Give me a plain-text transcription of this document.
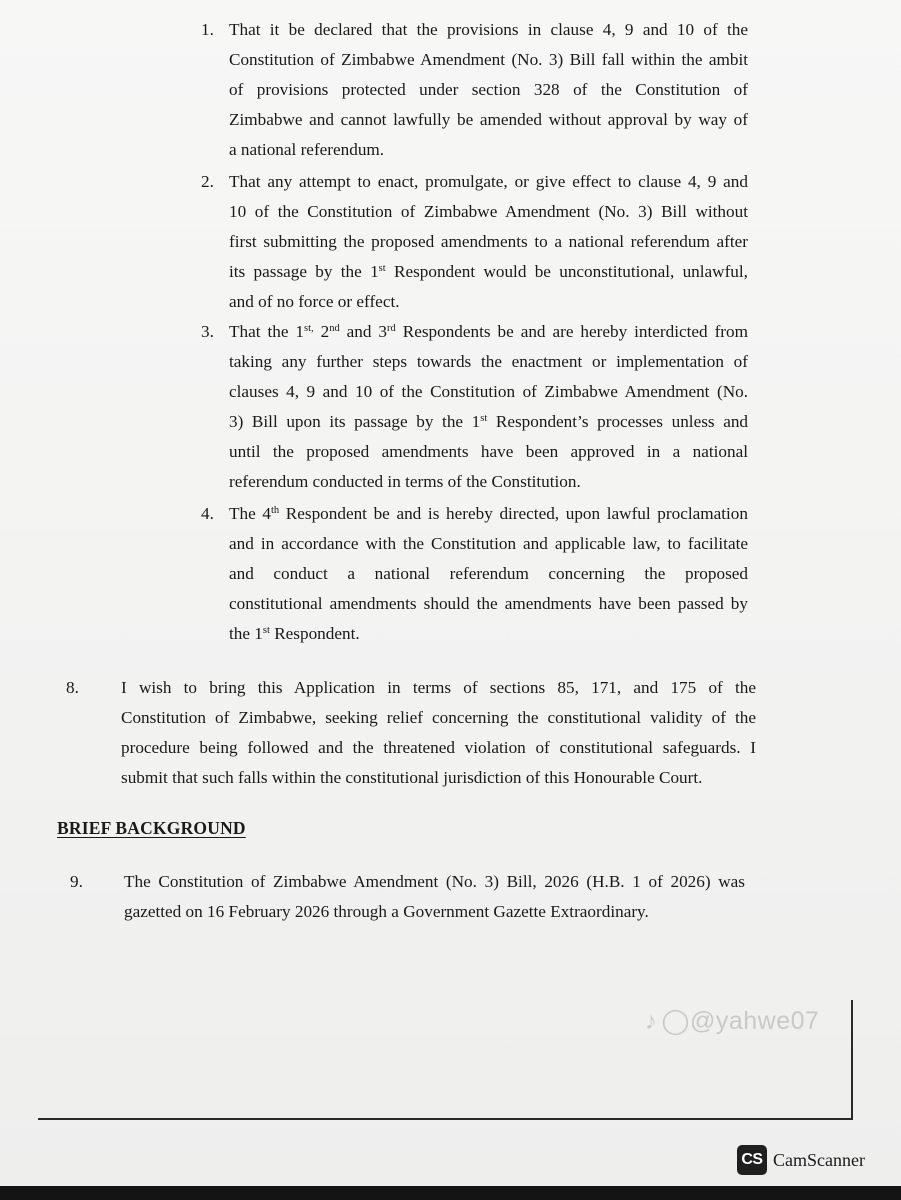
1. That it be declared that the provisions in clause 4, 9 and 10 of the
Constitution of Zimbabwe Amendment (No. 3) Bill fall within the ambit
of provisions protected under section 328 of the Constitution of
Zimbabwe and cannot lawfully be amended without approval by way of
a national referendum.
2. That any attempt to enact, promulgate, or give effect to clause 4, 9 and
10 of the Constitution of Zimbabwe Amendment (No. 3) Bill without
first submitting the proposed amendments to a national referendum after
its passage by the 1st Respondent would be unconstitutional, unlawful,
and of no force or effect.
3. That the $1^{st,}$ 2nd and 3rd Respondents be and are hereby interdicted from
taking any further steps towards the enactment or implementation of
clauses 4, 9 and 10 of the Constitution of Zimbabwe Amendment (No.
3) Bill upon its passage by the 1st Respondent’s processes unless and
until the proposed amendments have been approved in a national
referendum conducted in terms of the Constitution.
4. The 4th Respondent be and is hereby directed, upon lawful proclamation
and in accordance with the Constitution and applicable law, to facilitate
and conduct a national referendum concerning the proposed
constitutional amendments should the amendments have been passed by
the 1st Respondent.
8. I wish to bring this Application in terms of sections 85, 171, and 175 of the
Constitution of Zimbabwe, seeking relief concerning the constitutional validity of the
procedure being followed and the threatened violation of constitutional safeguards. I
submit that such falls within the constitutional jurisdiction of this Honourable Court.
BRIEF BACKGROUND
9. The Constitution of Zimbabwe Amendment (No. 3) Bill, 2026 (H.B. 1 of 2026) was
gazetted on 16 February 2026 through a Government Gazette Extraordinary.
♪ ◯@yahwe07
CS CamScanner
